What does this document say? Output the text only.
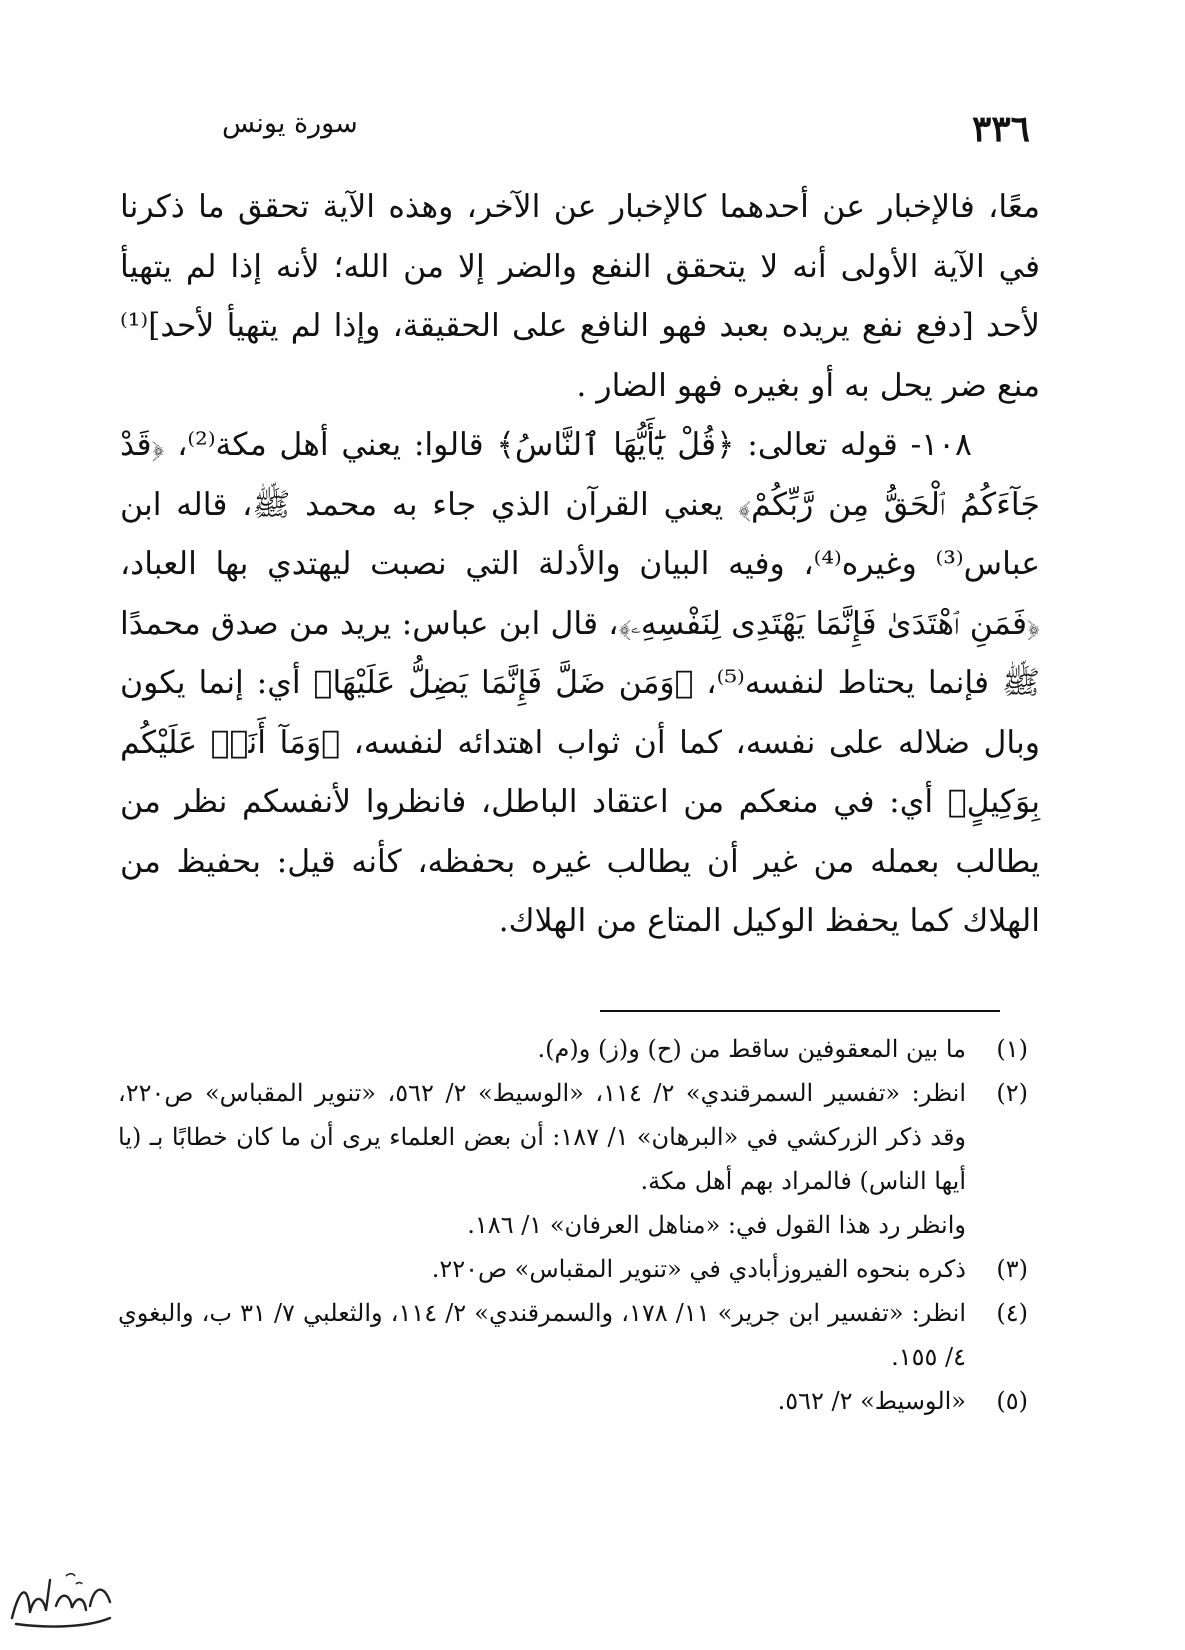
٣٣٦
سورة يونس

معًا، فالإخبار عن أحدهما كالإخبار عن الآخر، وهذه الآية تحقق ما ذكرنا في الآية الأولى أنه لا يتحقق النفع والضر إلا من الله؛ لأنه إذا لم يتهيأ لأحد [دفع نفع يريده بعبد فهو النافع على الحقيقة، وإذا لم يتهيأ لأحد]⁽¹⁾ منع ضر يحل به أو بغيره فهو الضار .

١٠٨- قوله تعالى: ﴿قُلْ يَٰٓأَيُّهَا ٱلنَّاسُ﴾ قالوا: يعني أهل مكة⁽²⁾، ﴿قَدْ جَآءَكُمُ ٱلْحَقُّ مِن رَّبِّكُمْ﴾ يعني القرآن الذي جاء به محمد ﷺ، قاله ابن عباس⁽³⁾ وغيره⁽⁴⁾، وفيه البيان والأدلة التي نصبت ليهتدي بها العباد، ﴿فَمَنِ ٱهْتَدَىٰ فَإِنَّمَا يَهْتَدِى لِنَفْسِهِۦ﴾، قال ابن عباس: يريد من صدق محمدًا ﷺ فإنما يحتاط لنفسه⁽⁵⁾، ﴿وَمَن ضَلَّ فَإِنَّمَا يَضِلُّ عَلَيْهَا﴾ أي: إنما يكون وبال ضلاله على نفسه، كما أن ثواب اهتدائه لنفسه، ﴿وَمَآ أَنَا۠ عَلَيْكُم بِوَكِيلٍ﴾ أي: في منعكم من اعتقاد الباطل، فانظروا لأنفسكم نظر من يطالب بعمله من غير أن يطالب غيره بحفظه، كأنه قيل: بحفيظ من الهلاك كما يحفظ الوكيل المتاع من الهلاك.

(١)
ما بين المعقوفين ساقط من (ح) و(ز) و(م).
(٢)
انظر: «تفسير السمرقندي» ٢/ ١١٤، «الوسيط» ٢/ ٥٦٢، «تنوير المقباس» ص٢٢٠، وقد ذكر الزركشي في «البرهان» ١/ ١٨٧: أن بعض العلماء يرى أن ما كان خطابًا بـ (يا أيها الناس) فالمراد بهم أهل مكة.
وانظر رد هذا القول في: «مناهل العرفان» ١/ ١٨٦.
(٣)
ذكره بنحوه الفيروزأبادي في «تنوير المقباس» ص٢٢٠.
(٤)
انظر: «تفسير ابن جرير» ١١/ ١٧٨، والسمرقندي» ٢/ ١١٤، والثعلبي ٧/ ٣١ ب، والبغوي ٤/ ١٥٥.
(٥)
«الوسيط» ٢/ ٥٦٢.
